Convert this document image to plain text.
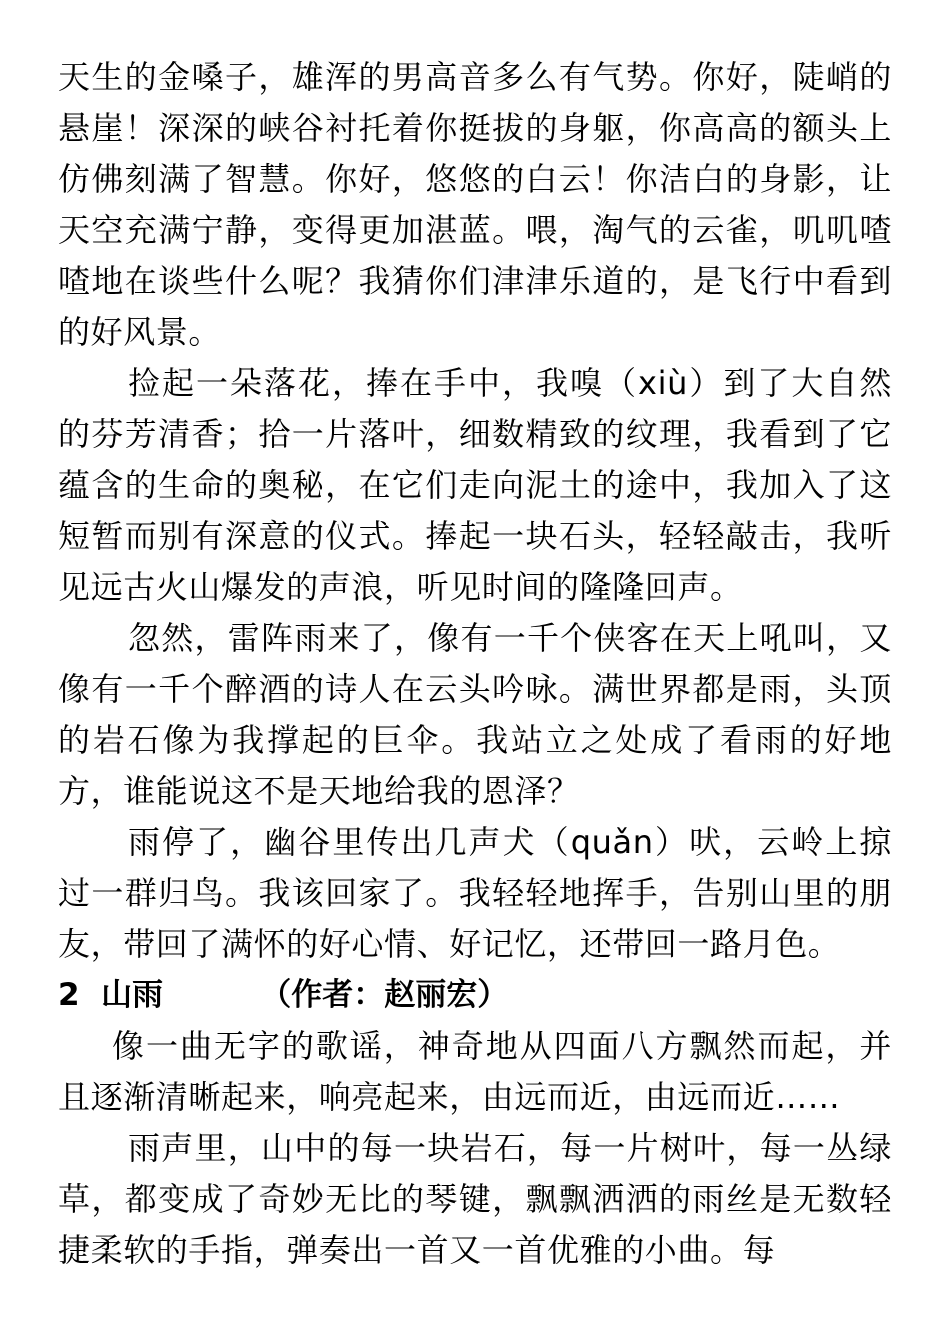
天生的金嗓子，雄浑的男高音多么有气势。你好，陡峭的悬崖！深深的峡谷衬托着你挺拔的身躯，你高高的额头上仿佛刻满了智慧。你好，悠悠的白云！你洁白的身影，让天空充满宁静，变得更加湛蓝。喂，淘气的云雀，叽叽喳喳地在谈些什么呢？我猜你们津津乐道的，是飞行中看到的好风景。

捡起一朵落花，捧在手中，我嗅（xiù）到了大自然的芬芳清香；拾一片落叶，细数精致的纹理，我看到了它蕴含的生命的奥秘，在它们走向泥土的途中，我加入了这短暂而别有深意的仪式。捧起一块石头，轻轻敲击，我听见远古火山爆发的声浪，听见时间的隆隆回声。

忽然，雷阵雨来了，像有一千个侠客在天上吼叫，又像有一千个醉酒的诗人在云头吟咏。满世界都是雨，头顶的岩石像为我撑起的巨伞。我站立之处成了看雨的好地方，谁能说这不是天地给我的恩泽？

雨停了，幽谷里传出几声犬（quǎn）吠，云岭上掠过一群归鸟。我该回家了。我轻轻地挥手，告别山里的朋友，带回了满怀的好心情、好记忆，还带回一路月色。

2  山雨         （作者：赵丽宏）

像一曲无字的歌谣，神奇地从四面八方飘然而起，并且逐渐清晰起来，响亮起来，由远而近，由远而近……

雨声里，山中的每一块岩石，每一片树叶，每一丛绿草，都变成了奇妙无比的琴键，飘飘洒洒的雨丝是无数轻捷柔软的手指，弹奏出一首又一首优雅的小曲。每
